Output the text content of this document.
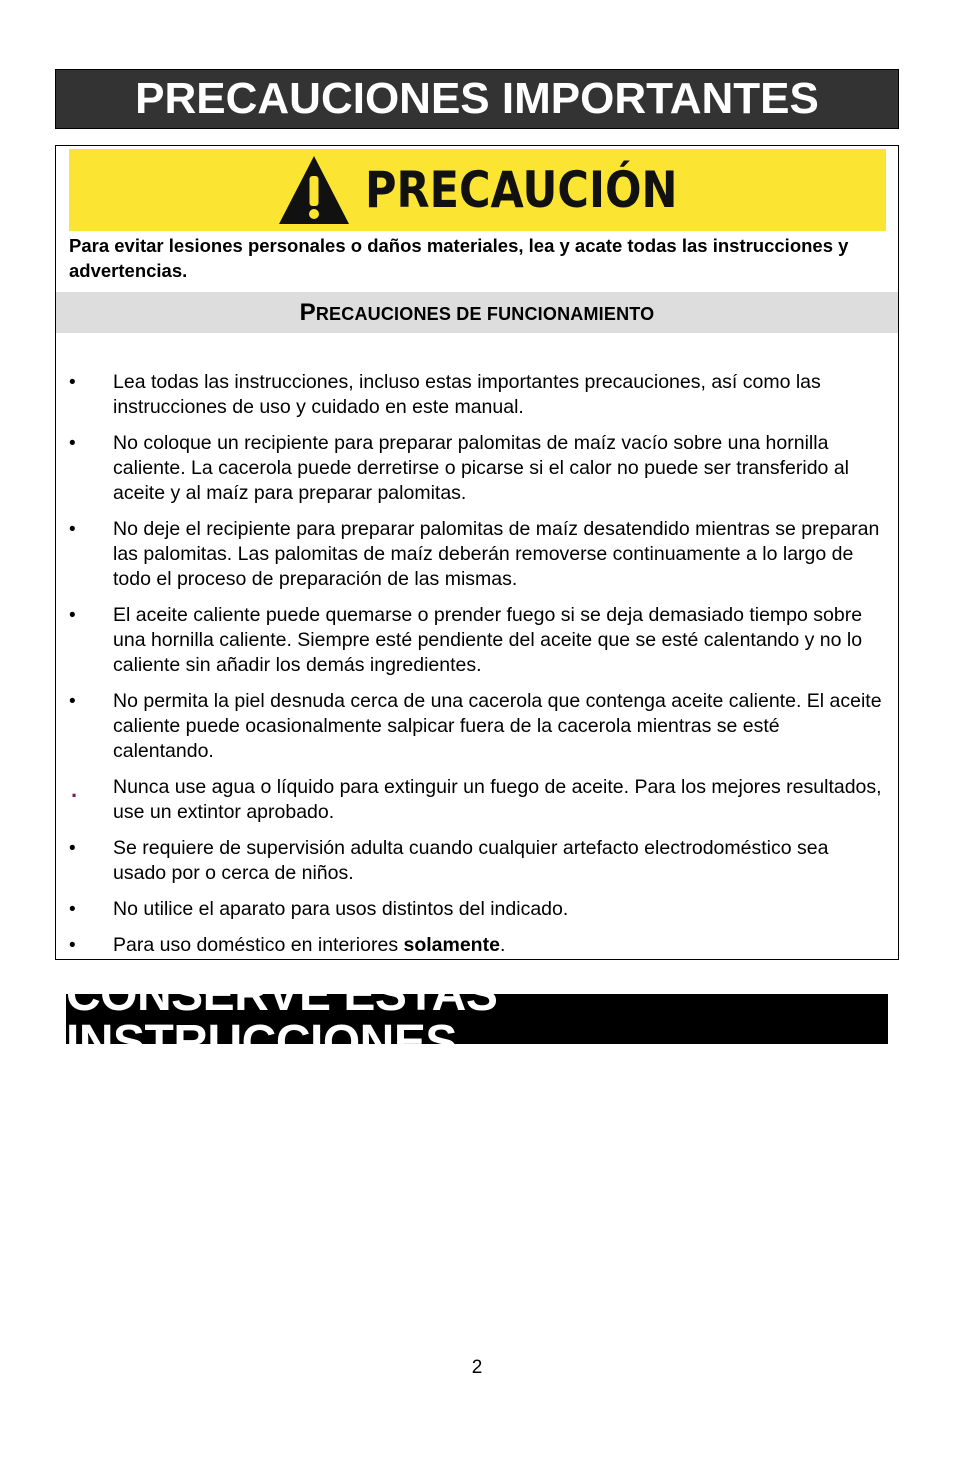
PRECAUCIONES IMPORTANTES
PRECAUCIÓN
Para evitar lesiones personales o daños materiales, lea y acate todas las instrucciones y advertencias.
PRECAUCIONES DE FUNCIONAMIENTO
•	Lea todas las instrucciones, incluso estas importantes precauciones, así como las instrucciones de uso y cuidado en este manual.
•	No coloque un recipiente para preparar palomitas de maíz vacío sobre una hornilla caliente. La cacerola puede derretirse o picarse si el calor no puede ser transferido al aceite y al maíz para preparar palomitas.
•	No deje el recipiente para preparar palomitas de maíz desatendido mientras se preparan las palomitas. Las palomitas de maíz deberán removerse continuamente a lo largo de todo el proceso de preparación de las mismas.
•	El aceite caliente puede quemarse o prender fuego si se deja demasiado tiempo sobre una hornilla caliente. Siempre esté pendiente del aceite que se esté calentando y no lo caliente sin añadir los demás ingredientes.
•	No permita la piel desnuda cerca de una cacerola que contenga aceite caliente. El aceite caliente puede ocasionalmente salpicar fuera de la cacerola mientras se esté calentando.
.	Nunca use agua o líquido para extinguir un fuego de aceite. Para los mejores resultados, use un extintor aprobado.
•	Se requiere de supervisión adulta cuando cualquier artefacto electrodoméstico sea usado por o cerca de niños.
•	No utilice el aparato para usos distintos del indicado.
•	Para uso doméstico en interiores solamente.
CONSERVE ESTAS INSTRUCCIONES
2
